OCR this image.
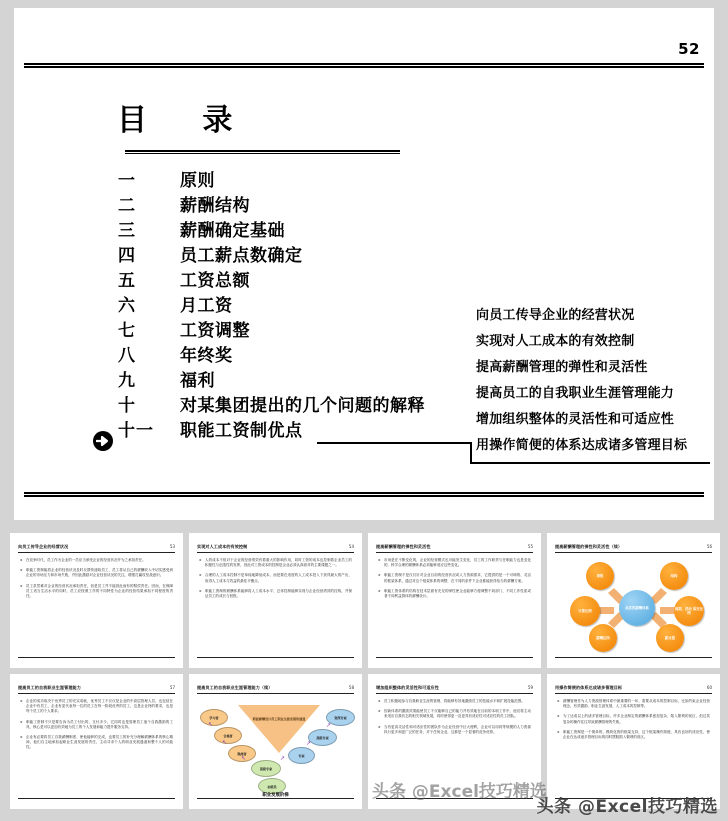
52
目   录
一	原则
二	薪酬结构
三	薪酬确定基础
四	员工薪点数确定
五	工资总额
六	月工资
七	工资调整
八	年终奖
九	福利
十	对某集团提出的几个问题的解释
十一	职能工资制优点
向员工传导企业的经营状况
实现对人工成本的有效控制
提高薪酬管理的弹性和灵活性
提高员工的自我职业生涯管理能力
增加组织整体的灵活性和可适应性
用操作简便的体系达成诸多管理目标
向员工传导企业的经营状况	53
➤ 在竞争时代，员工作为企业的一员应当承受企业的经营状况并为之承担责任。
➤ 职能工资制能将企业的经营状况及时反馈传递给员工，员工将从自己的薪酬收入中切实感受到企业的市场压力和市场失败，并因此激励对企业经营状况的关注，增强打赢攻坚战意识。
➤ 员工虽然难对企业的经营状况承担责任，但是员工并不能因此而有的赔偿责任。因而，在保障员工适当生活水平的同时，员工应按照工作的不同特性为企业的经营结果承担不同程度的责任。
实现对人工成本的有效控制	54
➤ 人的成本不但对于企业的经营绩效有着重大的影响作用，同时工资的成本也控制着企业员工的积极性与创造性的发挥，因此对工资成本的控制是企业必须认真面对的主要课题之一。
➤ 合理的人工成本控制不是单纯地降低成本，而是要在适度的人工成本投入下获得最大的产出，取得人工成本与效益的最佳平衡点。
➤ 职能工资制的薪酬体系能够将人工成本水平、总体控制能够实现与企业经营绩效的挂钩，并保证员工的成长与回报。
提高薪酬管理的弹性和灵活性	55
➤ 市场是在不断变化的，企业的经营模式也可能发生变化，员工的工作职责与任职能力也是变化的，科学合理的薪酬体系必须能够适应这些变化。
➤ 职能工资制不是仅仅针对企业目前的经营状况或人力资源需求，它提供的是一个可调的、灵活的框架体系，通过对这个框架体系的调整，在不同的条件下企业都能获得恰当的薪酬方案。
➤ 职能工资体系的结构在技术层面有充足的弹性使企业能够方便调整不同部门、不同工作性质或者不同利益群体的薪酬设计。
提高薪酬管理的弹性和灵活性（续）	56
灵活的薪酬体系
等级	结构
周期、浮动 固定比例
薪点值
薪酬区间
计算比例
提高员工的自我职业生涯管理能力	57
➤ 企业的成功取决于优秀员工的充实成就，优秀员工不仅仅是企业的中高层管理人员，也包括在企业中有员工、企业有更代表每一位的员工在每一阶段优秀的员工，这是企业终的要求，也是每个员工的个人要求。
➤ 职能工资制不只是要告诉为员工付出的、支付多少、它同时也是管理员工他个自我激励的工具，核心是可以更加有效地为员工的个人发展和能力提升服务支持。
➤ 企业有必要将员工自我薪酬制度、使他能够的完成，也要员工的补充分理解薪酬体系的核心精神，他们自主地承担起职业生涯发展的责任，主动寻求个人的职业发展通道和整个人的可能性。
提高员工的自我职业生涯管理能力（续）	58
职能薪酬设计员工职业生涯发展的通道
学习者
合格者
熟练者
高级专家
初级员
资深专家
高级专家
专家
↖
↖
↖	↗
↗
↗
职业发展阶梯
增加组织整体的灵活性和可适应性	59
➤ 员工积极地参与自我职业生涯的管理，将能够有效地激励员工的技能水平和扩展技能范围。
➤ 因新体系的激励效果能使员工不仅能够自己的能力并有效地在目前的本职工作中，他们将主动来适应自我状态的相关领域发展，同时使得更一及更具有适应性可适应性的员工团队。
➤ 当有更高灵活性和可适应性的团队作为企业经营中巨大便利，企业可以用同等规模的人力资源执行更多和更广泛的任务，对于任何企业，这都是一个显著的竞争优势。
用操作简便的体系达成诸多管理目标	60
➤ 薪酬管理作为人力资源管理体系中最重要的一环，需要从成本的控制目标，比如约束企业经营理念、有效激励、职业生涯发展、人工成本的控制等。
➤ 为了达成以上的诸多管理目标，许多企业制定的薪酬体系愈加复杂，陷入繁琐的误区，但过其复杂的操作往往导致薪酬管理的失败。
➤ 职能工资制是一个简单的、模块化的的框架支持，这个框架操作简便，具有良好的适应性，使企业在达成诸多管理目标的同时摆脱陷入繁琐的误区。
头条 @Excel技巧精选
头条 @Excel技巧精选
